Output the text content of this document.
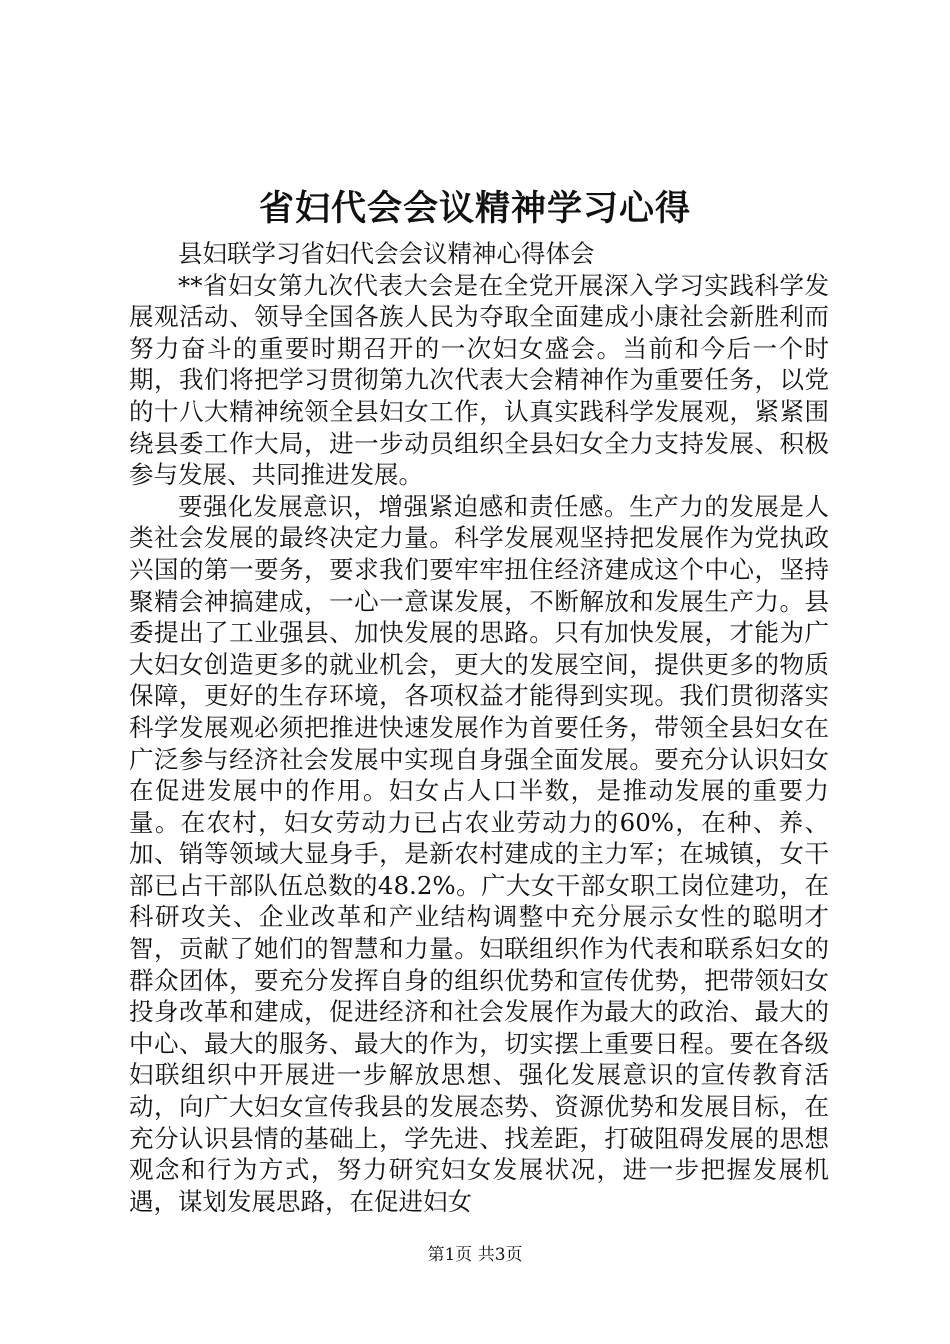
省妇代会会议精神学习心得

县妇联学习省妇代会会议精神心得体会

**省妇女第九次代表大会是在全党开展深入学习实践科学发展观活动、领导全国各族人民为夺取全面建成小康社会新胜利而努力奋斗的重要时期召开的一次妇女盛会。当前和今后一个时期，我们将把学习贯彻第九次代表大会精神作为重要任务，以党的十八大精神统领全县妇女工作，认真实践科学发展观，紧紧围绕县委工作大局，进一步动员组织全县妇女全力支持发展、积极参与发展、共同推进发展。

要强化发展意识，增强紧迫感和责任感。生产力的发展是人类社会发展的最终决定力量。科学发展观坚持把发展作为党执政兴国的第一要务，要求我们要牢牢扭住经济建成这个中心，坚持聚精会神搞建成，一心一意谋发展，不断解放和发展生产力。县委提出了工业强县、加快发展的思路。只有加快发展，才能为广大妇女创造更多的就业机会，更大的发展空间，提供更多的物质保障，更好的生存环境，各项权益才能得到实现。我们贯彻落实科学发展观必须把推进快速发展作为首要任务，带领全县妇女在广泛参与经济社会发展中实现自身强全面发展。要充分认识妇女在促进发展中的作用。妇女占人口半数，是推动发展的重要力量。在农村，妇女劳动力已占农业劳动力的60%，在种、养、加、销等领域大显身手，是新农村建成的主力军；在城镇，女干部已占干部队伍总数的48.2%。广大女干部女职工岗位建功，在科研攻关、企业改革和产业结构调整中充分展示女性的聪明才智，贡献了她们的智慧和力量。妇联组织作为代表和联系妇女的群众团体，要充分发挥自身的组织优势和宣传优势，把带领妇女投身改革和建成，促进经济和社会发展作为最大的政治、最大的中心、最大的服务、最大的作为，切实摆上重要日程。要在各级妇联组织中开展进一步解放思想、强化发展意识的宣传教育活动，向广大妇女宣传我县的发展态势、资源优势和发展目标，在充分认识县情的基础上，学先进、找差距，打破阻碍发展的思想观念和行为方式，努力研究妇女发展状况，进一步把握发展机遇，谋划发展思路，在促进妇女

第1页 共3页
